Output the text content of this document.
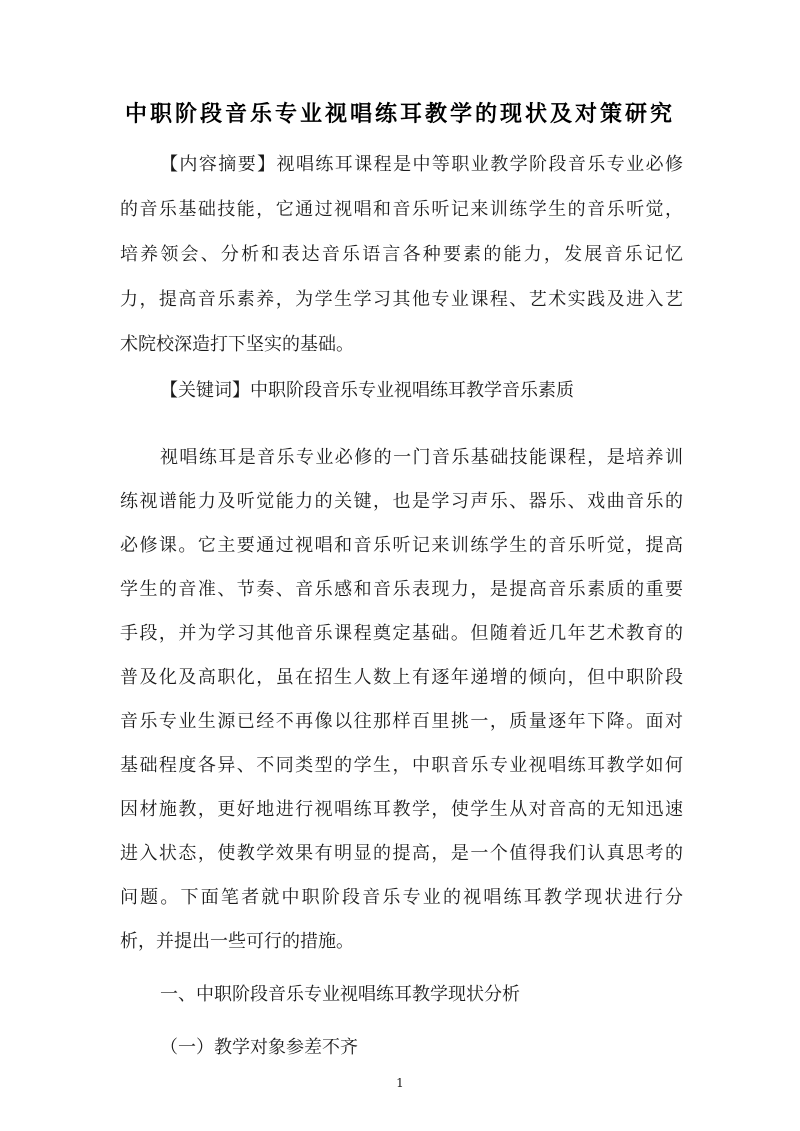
中职阶段音乐专业视唱练耳教学的现状及对策研究
【内容摘要】视唱练耳课程是中等职业教学阶段音乐专业必修
的音乐基础技能，它通过视唱和音乐听记来训练学生的音乐听觉，
培养领会、分析和表达音乐语言各种要素的能力，发展音乐记忆
力，提高音乐素养，为学生学习其他专业课程、艺术实践及进入艺
术院校深造打下坚实的基础。
【关键词】中职阶段音乐专业视唱练耳教学音乐素质
视唱练耳是音乐专业必修的一门音乐基础技能课程，是培养训
练视谱能力及听觉能力的关键，也是学习声乐、器乐、戏曲音乐的
必修课。它主要通过视唱和音乐听记来训练学生的音乐听觉，提高
学生的音准、节奏、音乐感和音乐表现力，是提高音乐素质的重要
手段，并为学习其他音乐课程奠定基础。但随着近几年艺术教育的
普及化及高职化，虽在招生人数上有逐年递增的倾向，但中职阶段
音乐专业生源已经不再像以往那样百里挑一，质量逐年下降。面对
基础程度各异、不同类型的学生，中职音乐专业视唱练耳教学如何
因材施教，更好地进行视唱练耳教学，使学生从对音高的无知迅速
进入状态，使教学效果有明显的提高，是一个值得我们认真思考的
问题。下面笔者就中职阶段音乐专业的视唱练耳教学现状进行分
析，并提出一些可行的措施。
一、中职阶段音乐专业视唱练耳教学现状分析
（一）教学对象参差不齐
1
